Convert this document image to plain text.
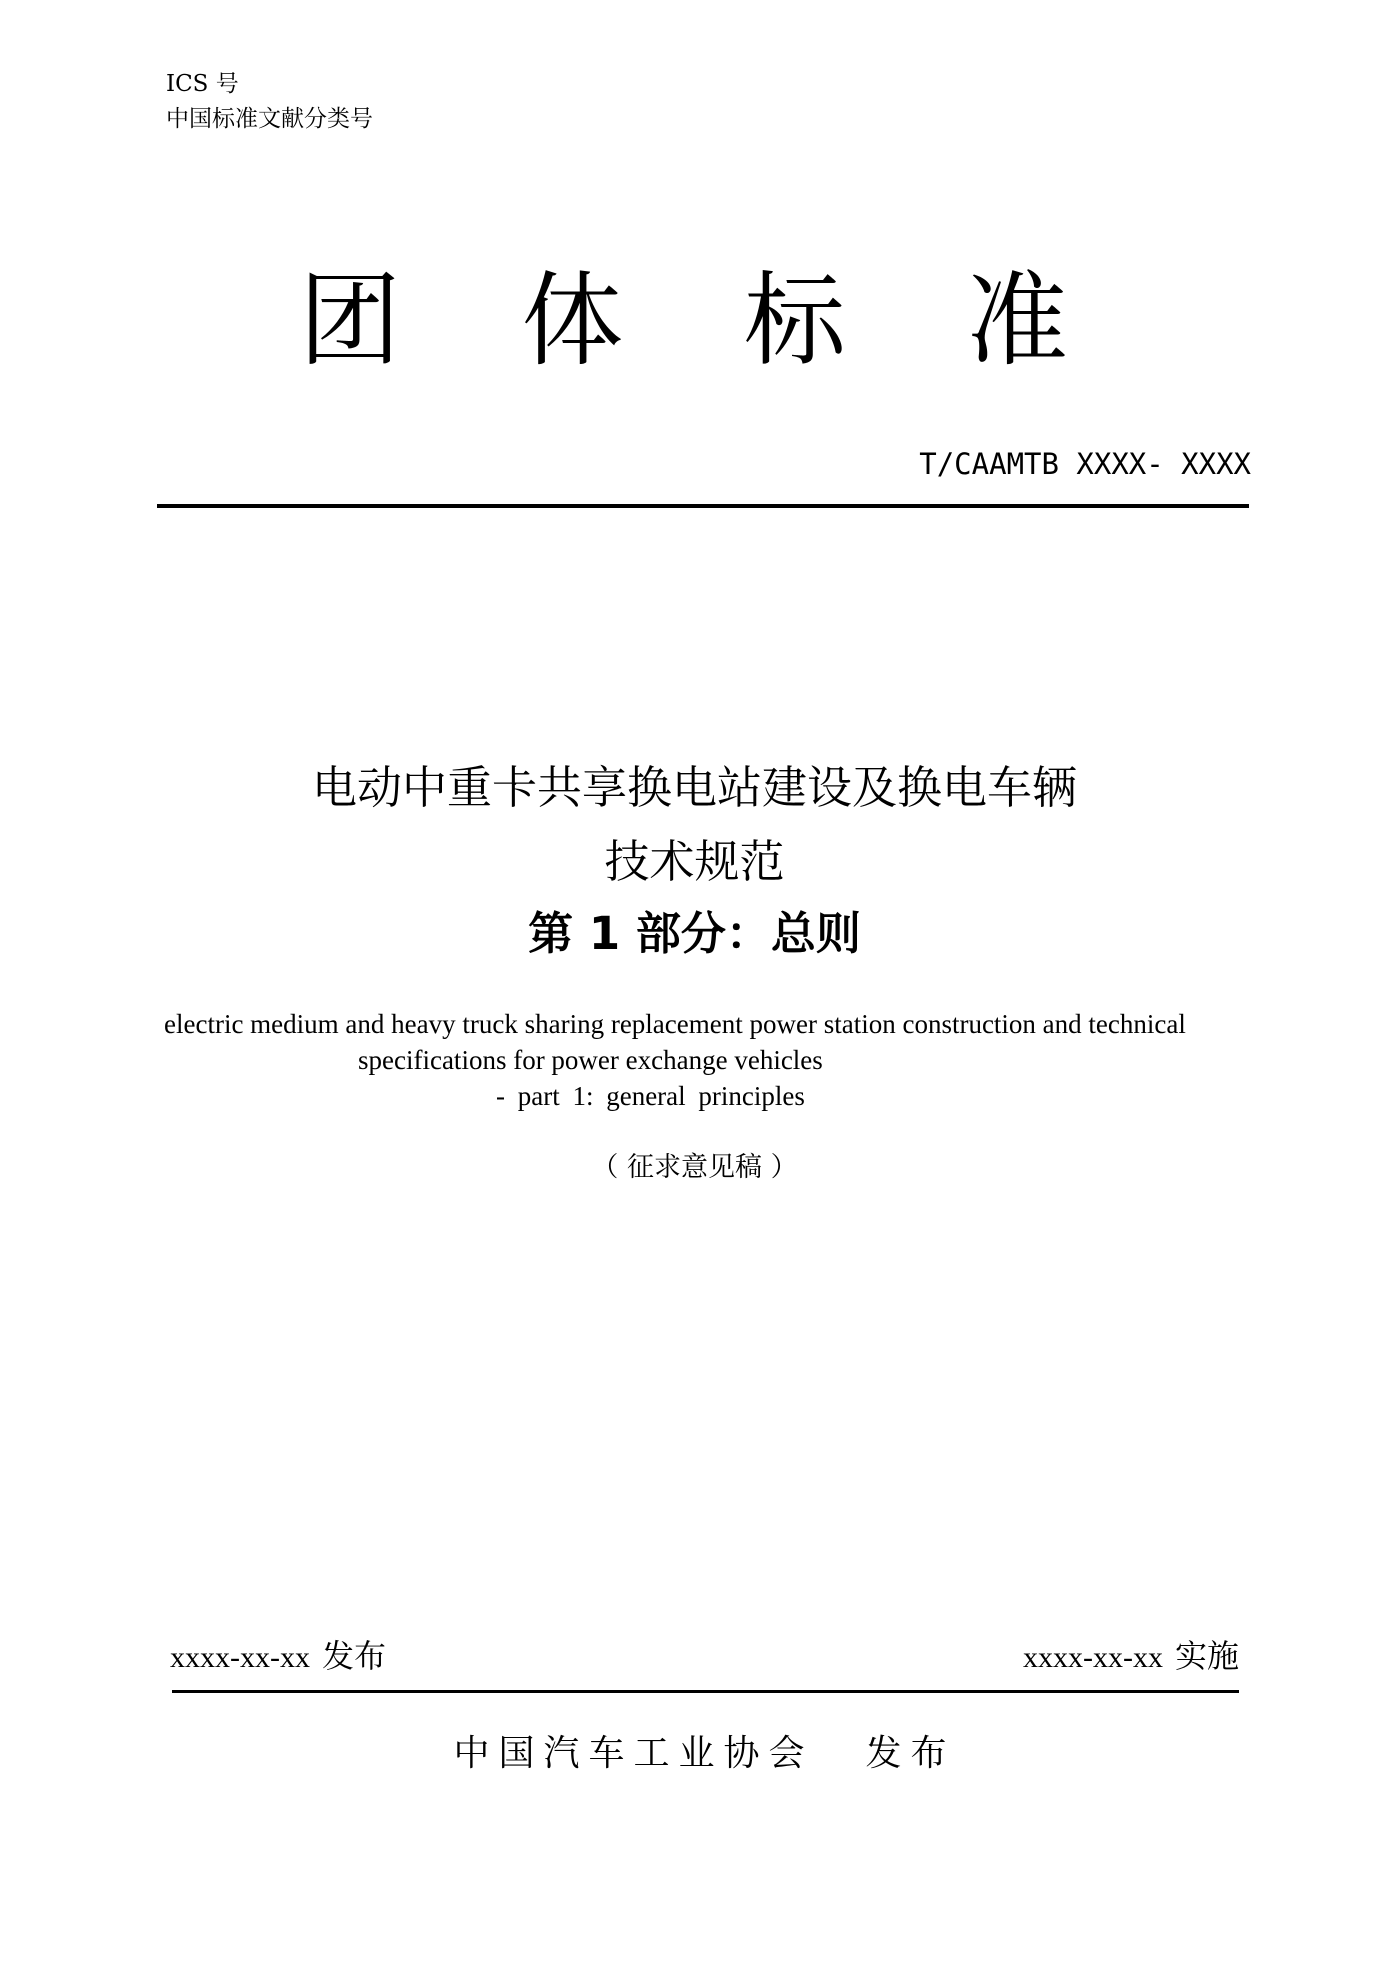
ICS 号
中国标准文献分类号
团 体 标 准
T/CAAMTB XXXX- XXXX
电动中重卡共享换电站建设及换电车辆
技术规范
第 1 部分：总则
electric medium and heavy truck sharing replacement power station construction and technical
specifications for power exchange vehicles
- part 1: general principles
（ 征求意见稿 ）
xxxx-xx-xx 发布	xxxx-xx-xx 实施
中国汽车工业协会 发布
